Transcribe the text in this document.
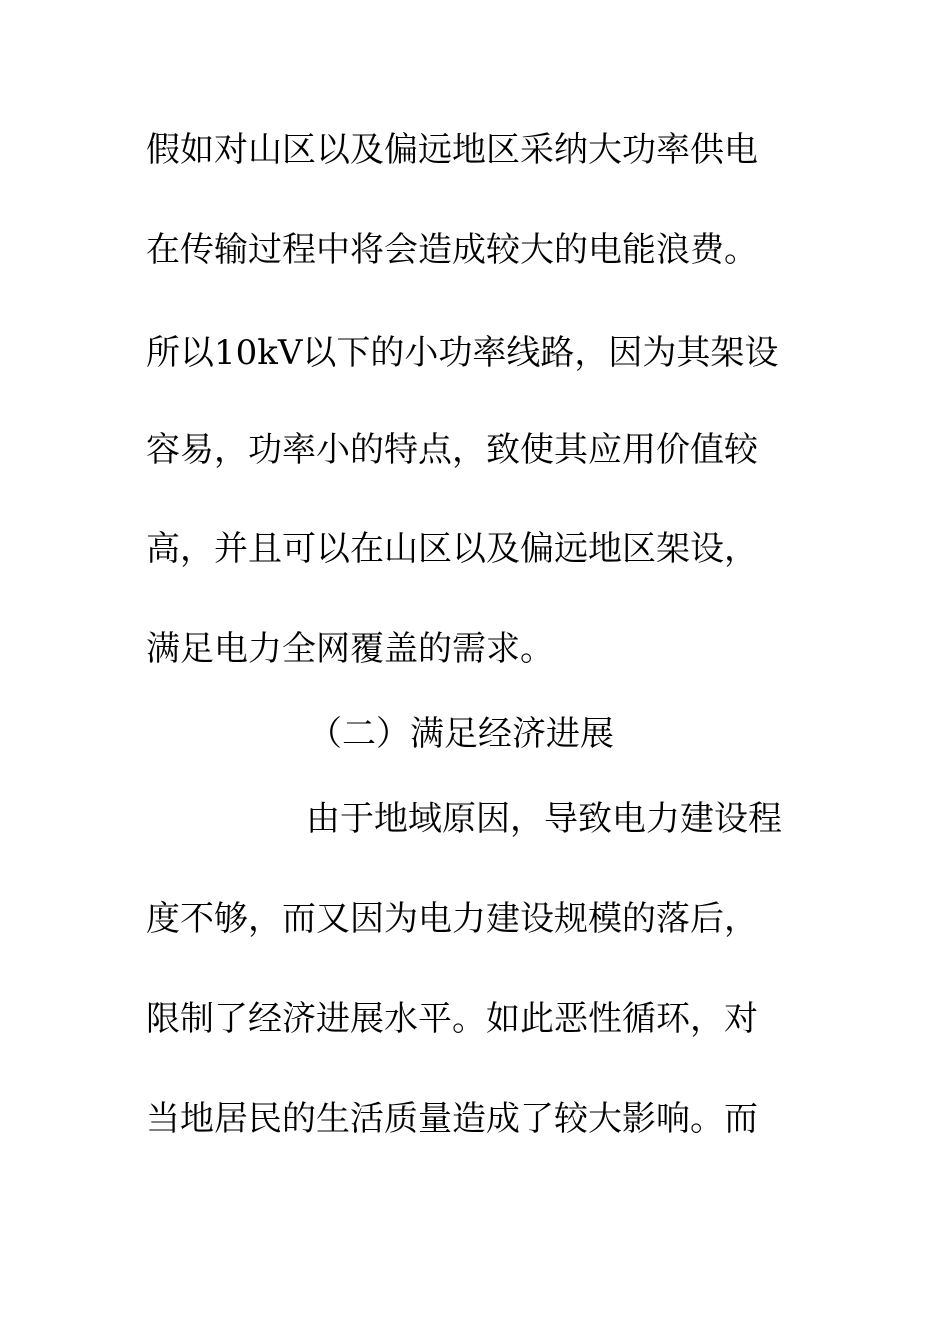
假如对山区以及偏远地区采纳大功率供电
在传输过程中将会造成较大的电能浪费。
所以10kV以下的小功率线路，因为其架设
容易，功率小的特点，致使其应用价值较
高，并且可以在山区以及偏远地区架设，
满足电力全网覆盖的需求。
（二）满足经济进展
由于地域原因，导致电力建设程
度不够，而又因为电力建设规模的落后，
限制了经济进展水平。如此恶性循环，对
当地居民的生活质量造成了较大影响。而
